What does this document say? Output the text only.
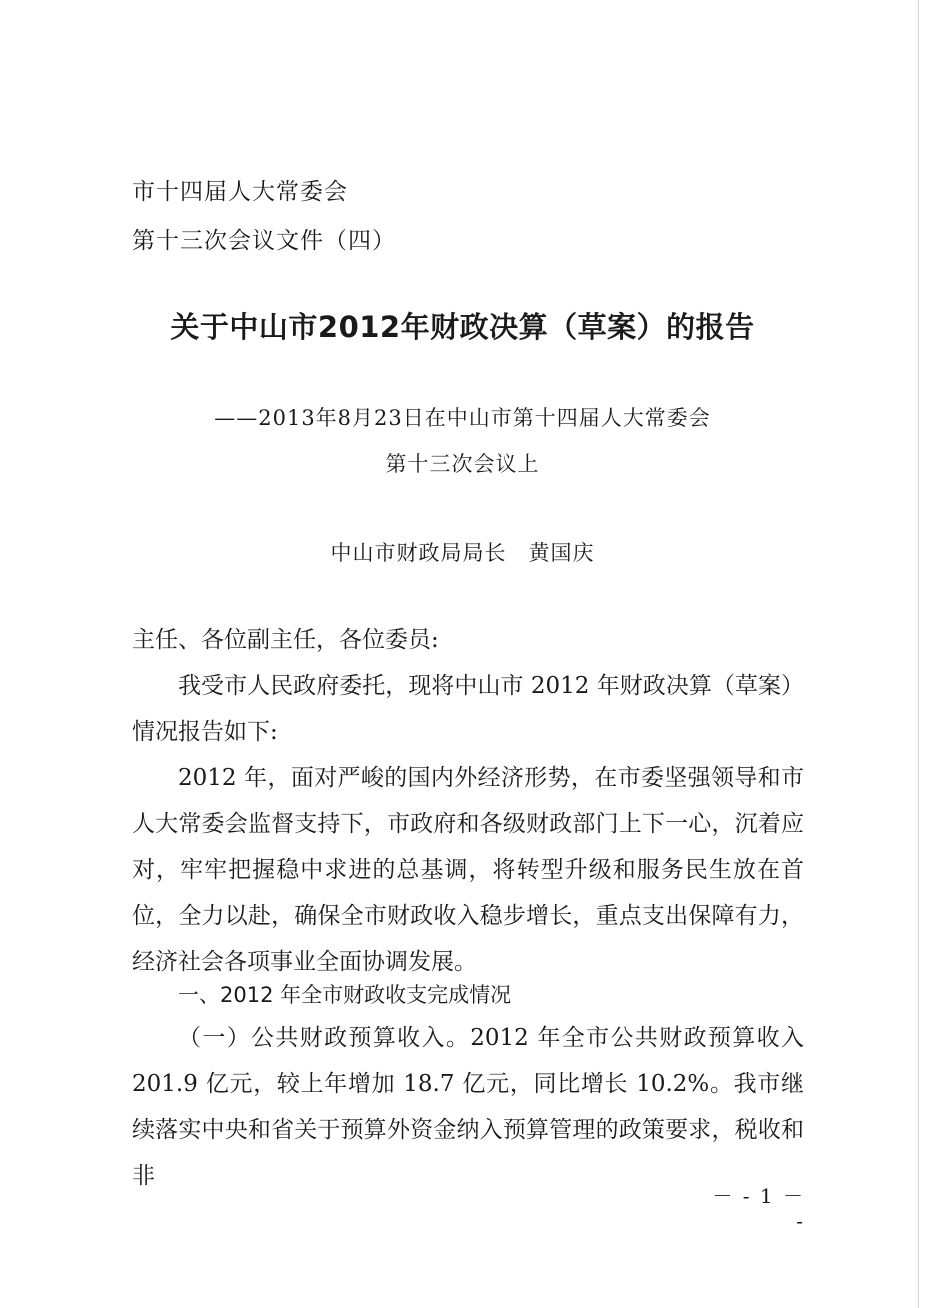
市十四届人大常委会
第十三次会议文件（四）
关于中山市2012年财政决算（草案）的报告
——2013年8月23日在中山市第十四届人大常委会
第十三次会议上
中山市财政局局长　黄国庆
主任、各位副主任，各位委员:
我受市人民政府委托，现将中山市 2012 年财政决算（草案）情况报告如下:
2012 年，面对严峻的国内外经济形势，在市委坚强领导和市人大常委会监督支持下，市政府和各级财政部门上下一心，沉着应对，牢牢把握稳中求进的总基调，将转型升级和服务民生放在首位，全力以赴，确保全市财政收入稳步增长，重点支出保障有力，经济社会各项事业全面协调发展。
一、2012 年全市财政收支完成情况
（一）公共财政预算收入。2012 年全市公共财政预算收入 201.9 亿元，较上年增加 18.7 亿元，同比增长 10.2%。我市继续落实中央和省关于预算外资金纳入预算管理的政策要求，税收和非
－ - 1 － -
